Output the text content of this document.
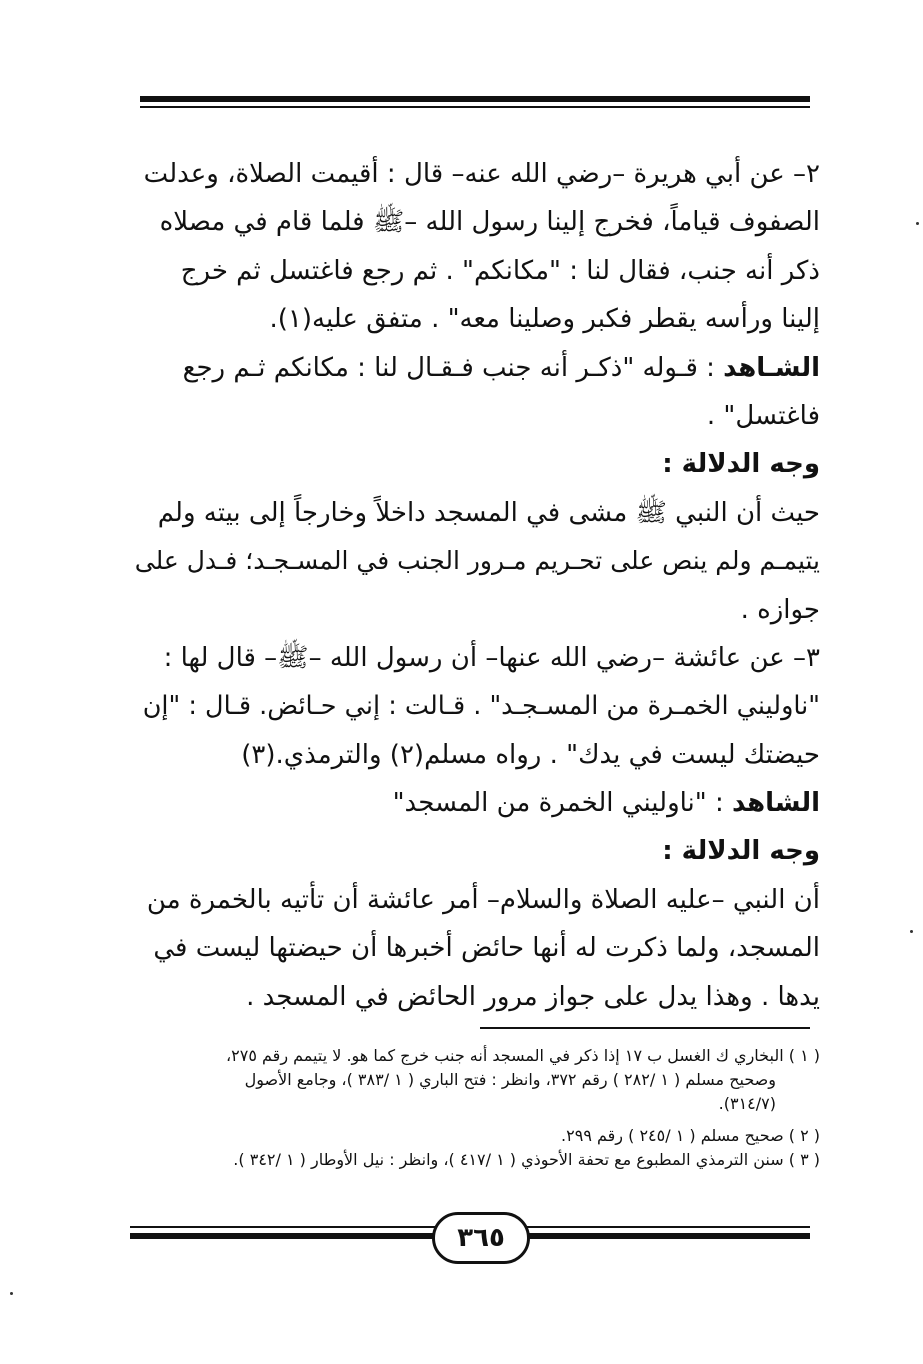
٢– عن أبي هريرة –رضي الله عنه– قال : أقيمت الصلاة، وعدلت
الصفوف قياماً، فخرج إلينا رسول الله –ﷺ فلما قام في مصلاه
ذكر أنه جنب، فقال لنا : "مكانكم" . ثم رجع فاغتسل ثم خرج
إلينا ورأسه يقطر فكبر وصلينا معه" . متفق عليه(١).
الشـاهد : قـوله "ذكـر أنه جنب فـقـال لنا : مكانكم ثـم رجع
فاغتسل" .
وجه الدلالة :
حيث أن النبي ﷺ مشى في المسجد داخلاً وخارجاً إلى بيته ولم
يتيمـم ولم ينص على تحـريم مـرور الجنب في المسـجـد؛ فـدل على
جوازه .
٣– عن عائشة –رضي الله عنها– أن رسول الله –ﷺ– قال لها :
"ناوليني الخمـرة من المسـجـد" . قـالت : إني حـائض. قـال : "إن
حيضتك ليست في يدك" . رواه مسلم(٢) والترمذي.(٣)
الشاهد : "ناوليني الخمرة من المسجد"
وجه الدلالة :
أن النبي –عليه الصلاة والسلام– أمر عائشة أن تأتيه بالخمرة من
المسجد، ولما ذكرت له أنها حائض أخبرها أن حيضتها ليست في
يدها . وهذا يدل على جواز مرور الحائض في المسجد .
( ١ ) البخاري ك الغسل ب ١٧ إذا ذكر في المسجد أنه جنب خرج كما هو. لا يتيمم رقم ٢٧٥،
وصحيح مسلم ( ١ /٢٨٢ ) رقم ٣٧٢، وانظر : فتح الباري ( ١ /٣٨٣ )، وجامع الأصول
(٣١٤/٧).
( ٢ ) صحيح مسلم ( ١ /٢٤٥ ) رقم ٢٩٩.
( ٣ ) سنن الترمذي المطبوع مع تحفة الأحوذي ( ١ /٤١٧ )، وانظر : نيل الأوطار ( ١ /٣٤٢ ).
٣٦٥
